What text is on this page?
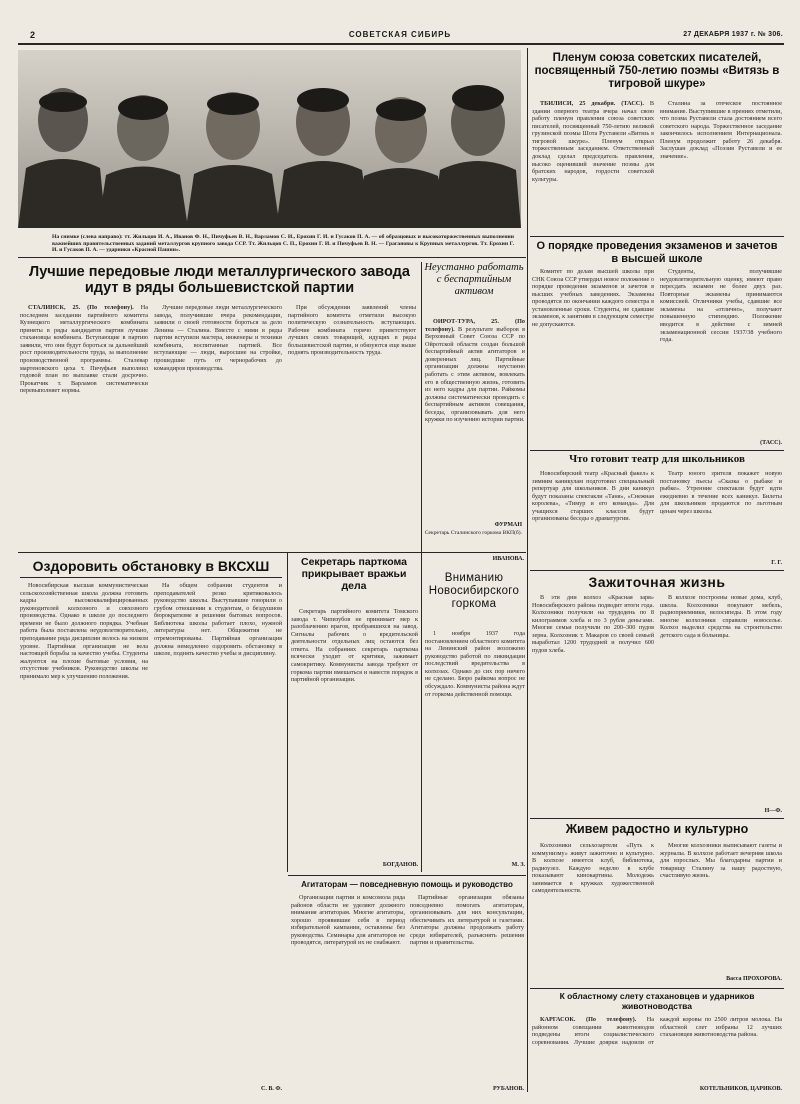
2	СОВЕТСКАЯ СИБИРЬ	27 ДЕКАБРЯ 1937 г. № 306.
На снимке (слева направо): тт. Жильцов И. А., Иванов Ф. Н., Пичуфьев В. Н., Варламов С. И., Ерохин Г. И. и Гусаков П. А. — об образцовых и высокоторжественных выполнении важнейших правительственных заданий металлургов крупного завода ССР. Тт. Жильцов С. П., Ерохин Г. И. и Пичуфьев В. Н. — Грагановы к Крупных металлургов. Тт. Ерохин Г. И. и Гусаков П. А. — ударники «Красной Пашни».
Пленум союза советских писателей, посвященный 750-летию поэмы «Витязь в тигровой шкуре»

ТБИЛИСИ, 25 декабря. (ТАСС). В здании оперного театра вчера начал свою работу пленум правления союза советских писателей, посвященный 750-летию великой грузинской поэмы Шота Руставели «Витязь в тигровой шкуре». Пленум открыл торжественным заседанием. Ответственный доклад сделал председатель правления, высоко оценивший значение поэмы для братских народов, гордости советской культуры.

Сталина за отеческое постоянное внимание. Выступившие в прениях отметили, что поэма Руставели стала достоянием всего советского народа. Торжественное заседание закончилось исполнением Интернационала. Пленум продолжит работу 26 декабря. Заслушан доклад «Поэзия Руставели и ее значение».

О порядке проведения экзаменов и зачетов в высшей школе

Комитет по делам высшей школы при СНК Союза ССР утвердил новое положение о порядке проведения экзаменов и зачетов в высших учебных заведениях. Экзамены проводятся по окончании каждого семестра в установленные сроки. Студенты, не сдавшие экзаменов, к занятиям в следующем семестре не допускаются.

Студенты, получившие неудовлетворительную оценку, имеют право пересдать экзамен не более двух раз. Повторные экзамены принимаются комиссией. Отличники учебы, сдавшие все экзамены на «отлично», получают повышенную стипендию. Положение вводится в действие с зимней экзаменационной сессии 1937/38 учебного года.

(ТАСС).
Что готовит театр для школьников

Новосибирский театр «Красный факел» к зимним каникулам подготовил специальный репертуар для школьников. В дни каникул будут показаны спектакли «Таня», «Снежная королева», «Тимур и его команда». Для учащихся старших классов будут организованы беседы о драматургии.

Театр юного зрителя покажет новую постановку пьесы «Сказка о рыбаке и рыбке». Утренние спектакли будут идти ежедневно в течение всех каникул. Билеты для школьников продаются по льготным ценам через школы.

Г. Г.
Лучшие передовые люди металлургического завода идут в ряды большевистской партии

СТАЛИНСК, 25. (По телефону). На последнем заседании партийного комитета Кузнецкого металлургического комбината приняты в ряды кандидатов партии лучшие стахановцы комбината. Вступающие в партию заявили, что они будут бороться за дальнейший рост производительности труда, за выполнение производственной программы. Сталевар мартеновского цеха т. Пичуфьев выполнил годовой план по выплавке стали досрочно. Прокатчик т. Варламов систематически перевыполняет нормы.

Лучшие передовые люди металлургического завода, получившие вчера рекомендации, заявили о своей готовности бороться за дело Ленина — Сталина. Вместе с ними в ряды партии вступили мастера, инженеры и техники комбината, воспитанные партией. Все вступающие — люди, выросшие на стройке, прошедшие путь от чернорабочих до командиров производства.

При обсуждении заявлений члены партийного комитета отметили высокую политическую сознательность вступающих. Рабочие комбината горячо приветствуют лучших своих товарищей, идущих в ряды большевистской партии, и обязуются еще выше поднять производительность труда.

Неустанно работать с беспартийным активом

ОИРОТ-ТУРА, 25. (По телефону). В результате выборов в Верховный Совет Союза ССР по Ойротской области создан большой беспартийный актив агитаторов и доверенных лиц. Партийные организации должны неустанно работать с этим активом, вовлекать его в общественную жизнь, готовить из него кадры для партии. Райкомы должны систематически проводить с беспартийным активом совещания, беседы, организовывать для него кружки по изучению истории партии.

ФУРМАН
Секретарь Сталинского горкома ВКП(б).
Оздоровить обстановку в ВКСХШ

Новосибирская высшая коммунистическая сельскохозяйственная школа должна готовить кадры высококвалифицированных руководителей колхозного и совхозного производства. Однако в школе до последнего времени не было должного порядка. Учебная работа была поставлена неудовлетворительно, преподавание ряда дисциплин велось на низком уровне. Партийная организация не вела настоящей борьбы за качество учебы. Студенты жалуются на плохие бытовые условия, на отсутствие учебников. Руководство школы не принимало мер к улучшению положения.

На общем собрании студентов и преподавателей резко критиковалось руководство школы. Выступавшие говорили о грубом отношении к студентам, о бездушном бюрократизме в решении бытовых вопросов. Библиотека школы работает плохо, нужной литературы нет. Общежития не отремонтированы. Партийная организация должна немедленно оздоровить обстановку в школе, поднять качество учебы и дисциплину.

С. В. Ф.
Секретарь парткома прикрывает вражьи дела

Секретарь партийного комитета Томского завода т. Чипизубов не принимает мер к разоблачению врагов, пробравшихся на завод. Сигналы рабочих о вредительской деятельности отдельных лиц остаются без ответа. На собраниях секретарь парткома всячески уходит от критики, зажимает самокритику. Коммунисты завода требуют от горкома партии вмешаться и навести порядок в партийной организации.

БОГДАНОВ.
ИВАНОВА.
Вниманию Новосибирского горкома

1 ноября 1937 года постановлением областного комитета на Ленинский район возложено руководство работой по ликвидации последствий вредительства в колхозах. Однако до сих пор ничего не сделано. Бюро райкома вопрос не обсуждало. Коммунисты района ждут от горкома действенной помощи.

М. З.
Агитаторам — повседневную помощь и руководство

Организации партии и комсомола ряда районов области не уделяют должного внимания агитаторам. Многие агитаторы, хорошо проявившие себя в период избирательной кампании, оставлены без руководства. Семинары для агитаторов не проводятся, литературой их не снабжают.

Партийные организации обязаны повседневно помогать агитаторам, организовывать для них консультации, обеспечивать их литературой и газетами. Агитаторы должны продолжать работу среди избирателей, разъяснять решения партии и правительства.

РУБАНОВ.
Зажиточная жизнь

В эти дни колхоз «Красная заря» Новосибирского района подводит итоги года. Колхозники получили на трудодень по 8 килограммов хлеба и по 3 рубля деньгами. Многие семьи получили по 200–300 пудов зерна. Колхозник т. Макаров со своей семьей выработал 1200 трудодней и получил 600 пудов хлеба.

В колхозе построены новые дома, клуб, школа. Колхозники покупают мебель, радиоприемники, велосипеды. В этом году многие колхозники справили новоселье. Колхоз выделил средства на строительство детского сада и больницы.

Н—Ф.
Живем радостно и культурно

Колхозники сельхозартели «Путь к коммунизму» живут зажиточно и культурно. В колхозе имеется клуб, библиотека, радиоузел. Каждую неделю в клубе показывают кинокартины. Молодежь занимается в кружках художественной самодеятельности.

Многие колхозники выписывают газеты и журналы. В колхозе работает вечерняя школа для взрослых. Мы благодарны партии и товарищу Сталину за нашу радостную, счастливую жизнь.

Васса ПРОХОРОВА.
К областному слету стахановцев и ударников животноводства

КАРГАСОК. (По телефону). На районном совещании животноводов подведены итоги социалистического соревнования. Лучшие доярки надоили от каждой коровы по 2500 литров молока. На областной слет избраны 12 лучших стахановцев животноводства района.

КОТЕЛЬНИКОВ, ЦАРИКОВ.
